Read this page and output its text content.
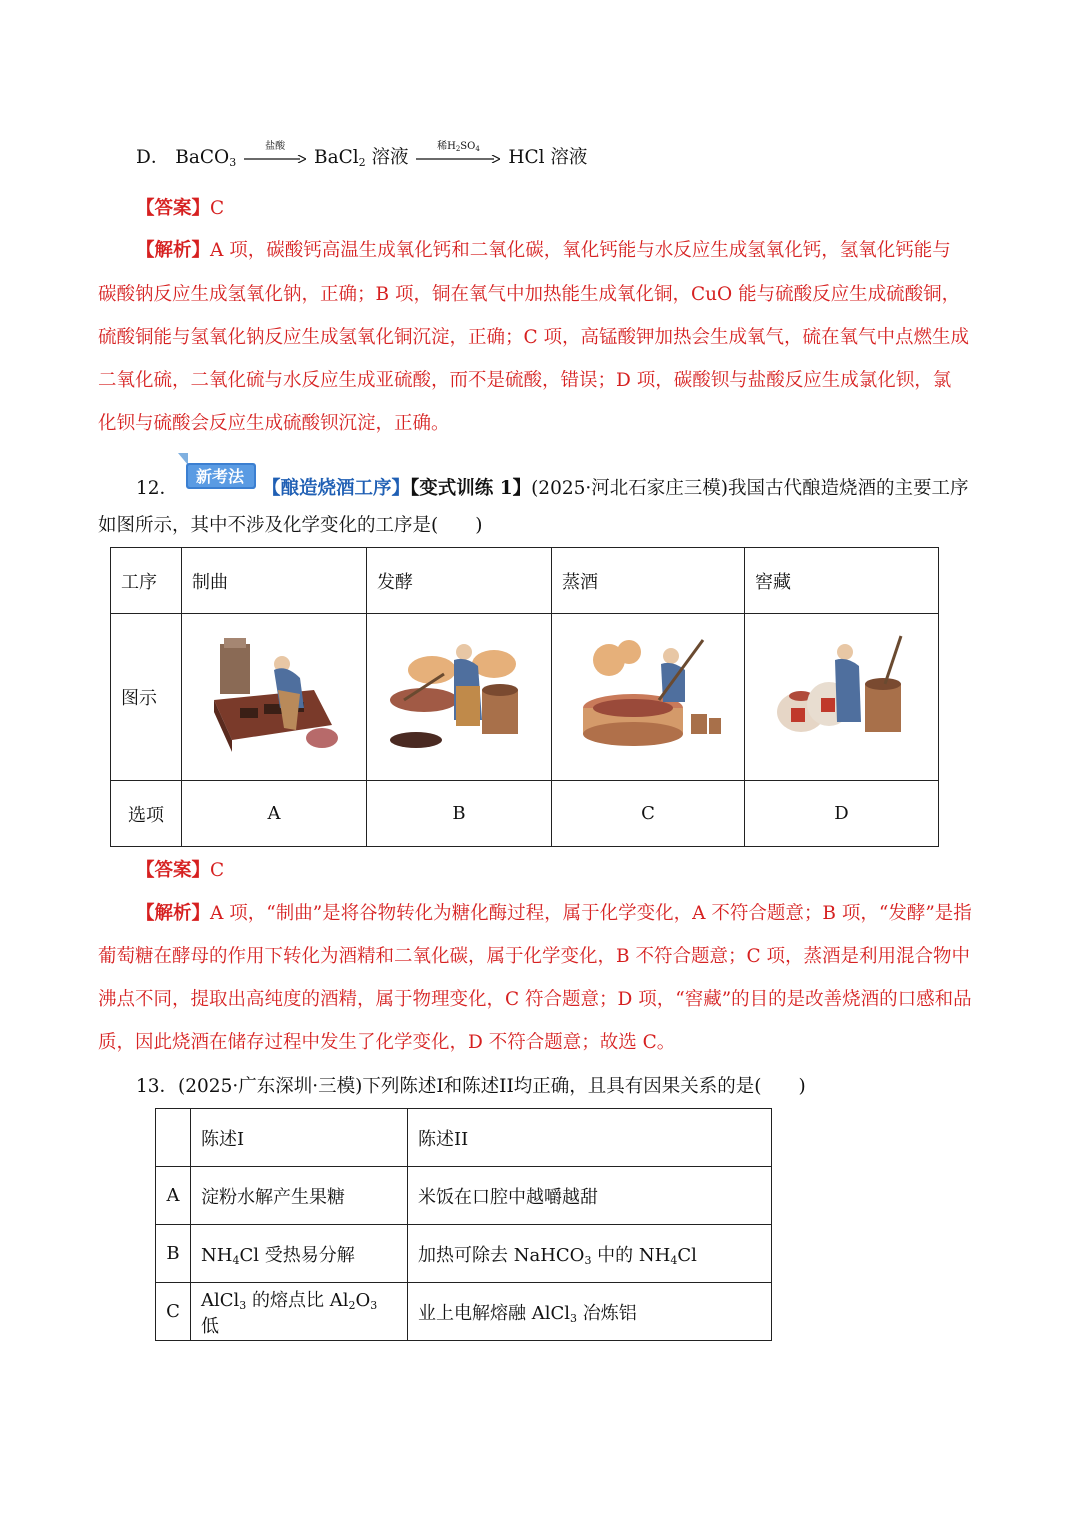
D． BaCO$_3$
盐酸
BaCl$_2$ 溶液
稀$H_2SO_4$	HCl 溶液
【答案】C
【解析】A 项，碳酸钙高温生成氧化钙和二氧化碳，氧化钙能与水反应生成氢氧化钙，氢氧化钙能与
碳酸钠反应生成氢氧化钠，正确；B 项，铜在氧气中加热能生成氧化铜，CuO 能与硫酸反应生成硫酸铜，
硫酸铜能与氢氧化钠反应生成氢氧化铜沉淀，正确；C 项，高锰酸钾加热会生成氧气，硫在氧气中点燃生成
二氧化硫，二氧化硫与水反应生成亚硫酸，而不是硫酸，错误；D 项，碳酸钡与盐酸反应生成氯化钡，氯
化钡与硫酸会反应生成硫酸钡沉淀，正确。
新考法
12．	【酿造烧酒工序】【变式训练 1】(2025·河北石家庄三模)我国古代酿造烧酒的主要工序
如图所示，其中不涉及化学变化的工序是(　　)
工序	制曲	发酵	蒸酒	窖藏
图示				
选项	A	B	C	D
【答案】C
【解析】A 项，“制曲”是将谷物转化为糖化酶过程，属于化学变化，A 不符合题意；B 项，“发酵”是指
葡萄糖在酵母的作用下转化为酒精和二氧化碳，属于化学变化，B 不符合题意；C 项，蒸酒是利用混合物中
沸点不同，提取出高纯度的酒精，属于物理变化，C 符合题意；D 项，“窖藏”的目的是改善烧酒的口感和品
质，因此烧酒在储存过程中发生了化学变化，D 不符合题意；故选 C。
13．(2025·广东深圳·三模)下列陈述I和陈述II均正确，且具有因果关系的是(　　)
	陈述I	陈述II
A	淀粉水解产生果糖	米饭在口腔中越嚼越甜
B	$NH_4Cl$ 受热易分解	加热可除去 NaHCO$_3$ 中的 $NH_4Cl$
C	AlCl$_3$ 的熔点比 $Al_2O_3$ 低	业上电解熔融 AlCl$_3$ 冶炼铝
